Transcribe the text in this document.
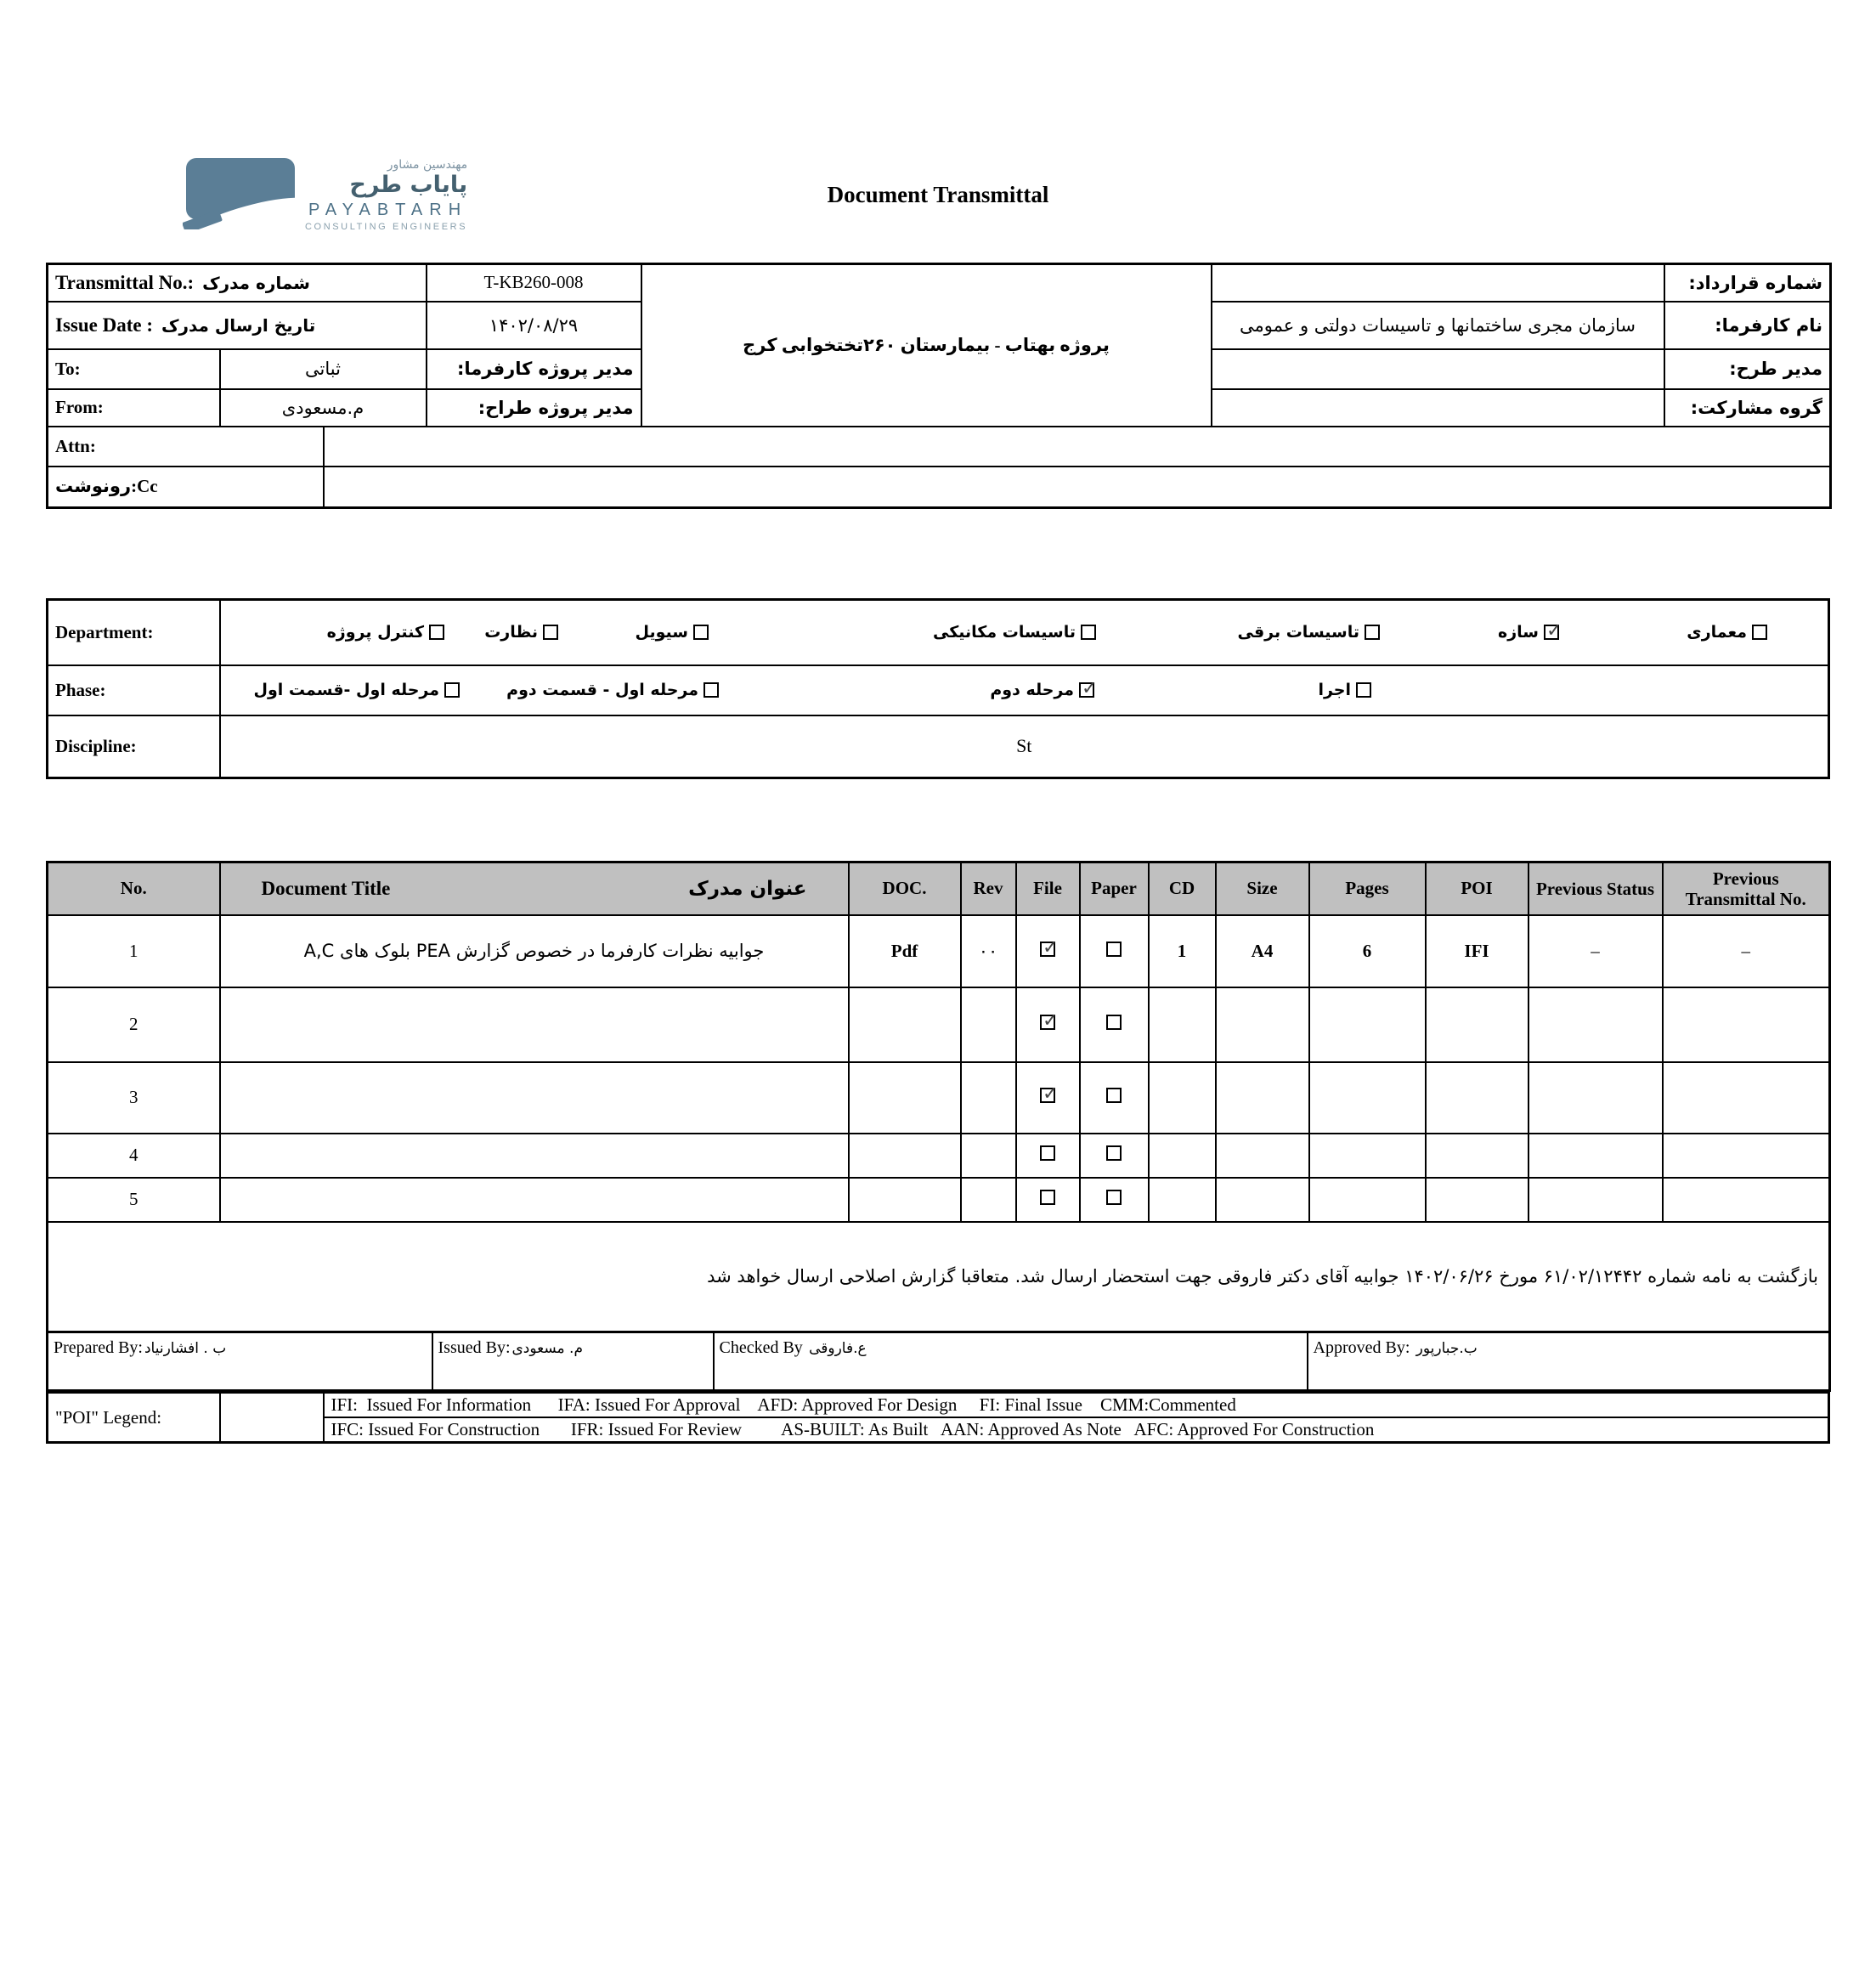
مهندسین مشاور
پایاب طرح
PAYABTARH
CONSULTING ENGINEERS
Document Transmittal
Transmittal No.: شماره مدرک			T-KB260-008	پروژه بهتاب - بیمارستان ۲۶۰تختخوابی کرج		شماره قرارداد:

Issue Date : تاریخ ارسال مدرک			۱۴۰۲/۰۸/۲۹		سازمان مجری ساختمانها و تاسیسات دولتی و عمومی	نام کارفرما:
To:	ثباتی		مدیر پروژه کارفرما:			مدیر طرح:
From:	م.مسعودی		مدیر پروژه طراح:			گروه مشارکت:
Attn:						
Cc:رونوشت						
Department:	کنترل پروژه	نظارت	سیویل	تاسیسات مکانیکی	تاسیسات برقی	سازه ✓	معماری

Phase:	مرحله اول -قسمت اول مرحله اول - قسمت دوم مرحله دوم ✓ اجرا

Discipline:	St
No.	Document Title عنوان مدرک	DOC.	Rev	File	Paper	CD	Size	Pages	POI	Previous Status	Previous Transmittal No.
1	جوابیه نظرات کارفرما در خصوص گزارش PEA بلوک های A,C	Pdf	۰۰	✓		1	A4	6	IFI	–	–
2				✓							
3				✓							
4											
5											
بازگشت به نامه شماره ۶۱/۰۲/۱۲۴۴۲ مورخ ۱۴۰۲/۰۶/۲۶ جوابیه آقای دکتر فاروقی جهت استحضار ارسال شد. متعاقبا گزارش اصلاحی ارسال خواهد شد											
Prepared By: ب . افشارنیاد	Issued By: م. مسعودی	Checked By ع.فاروقی	Approved By: ب.جبارپور
"POI" Legend:		IFI:  Issued For Information      IFA: Issued For Approval    AFD: Approved For Design     FI: Final Issue    CMM:Commented
IFC: Issued For Construction       IFR: Issued For Review         AS-BUILT: As Built   AAN: Approved As Note   AFC: Approved For Construction
